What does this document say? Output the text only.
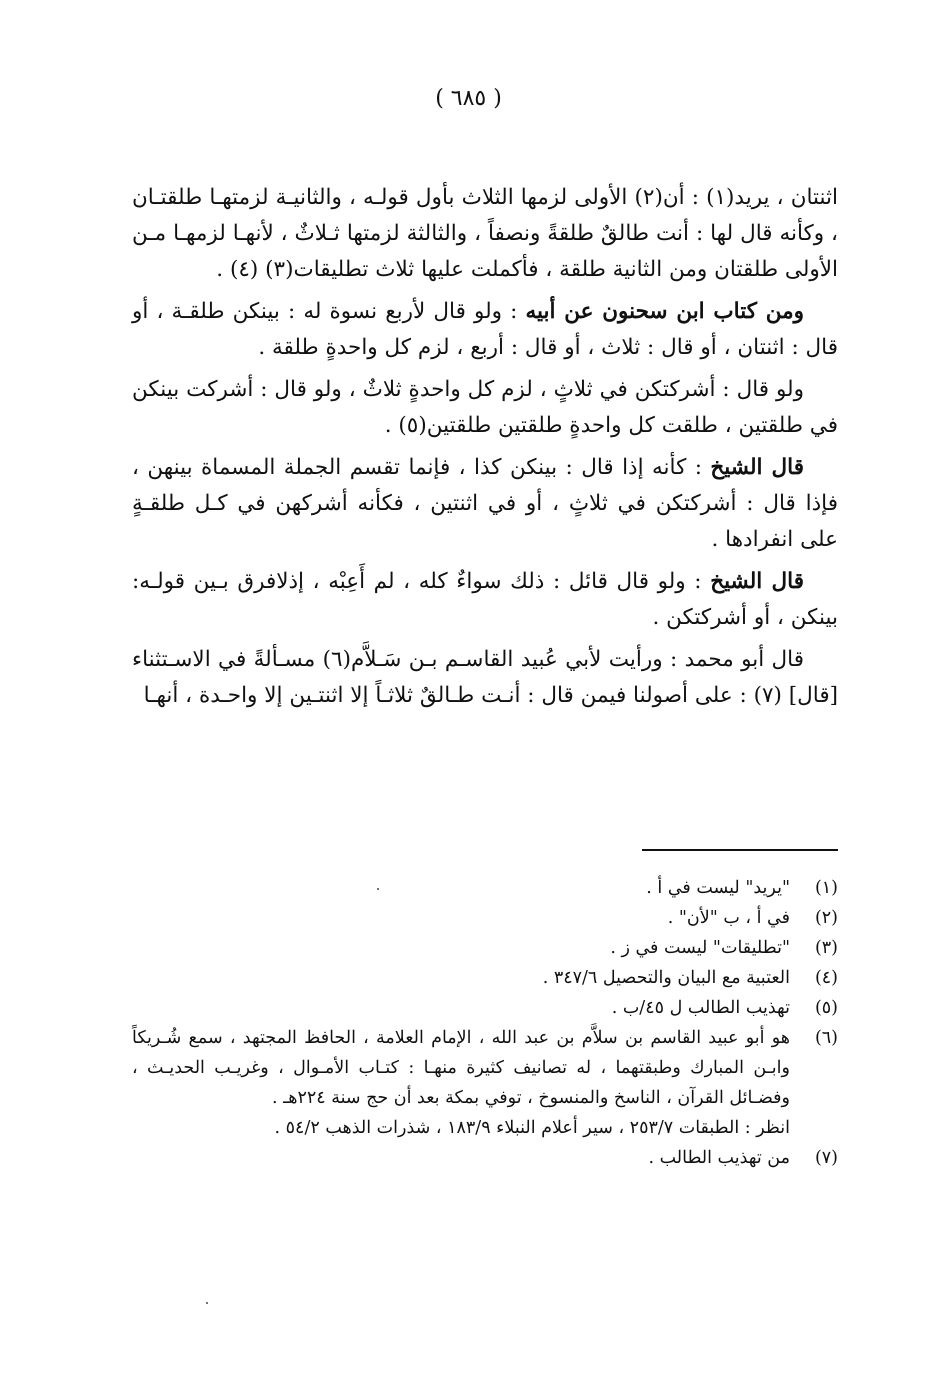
( ٦٨٥ )

اثنتان ، يريد(١) : أن(٢) الأولى لزمها الثلاث بأول قولـه ، والثانيـة لزمتهـا طلقتـان ، وكأنه قال لها : أنت طالقٌ طلقةً ونصفاً ، والثالثة لزمتها ثـلاثٌ ، لأنهـا لزمهـا مـن الأولى طلقتان ومن الثانية طلقة ، فأكملت عليها ثلاث تطليقات(٣) (٤) .

ومن كتاب ابن سحنون عن أبيه : ولو قال لأربع نسوة له : بينكن طلقـة ، أو قال : اثنتان ، أو قال : ثلاث ، أو قال : أربع ، لزم كل واحدةٍ طلقة .

ولو قال : أشركتكن في ثلاثٍ ، لزم كل واحدةٍ ثلاثٌ ، ولو قال : أشركت بينكن في طلقتين ، طلقت كل واحدةٍ طلقتين طلقتين(٥) .

قال الشيخ : كأنه إذا قال : بينكن كذا ، فإنما تقسم الجملة المسماة بينهن ، فإذا قال : أشركتكن في ثلاثٍ ، أو في اثنتين ، فكأنه أشركهن في كـل طلقـةٍ على انفرادها .

قال الشيخ : ولو قال قائل : ذلك سواءٌ كله ، لم أَعِبْه ، إذلافرق بـين قولـه: بينكن ، أو أشركتكن .

قال أبو محمد : ورأيت لأبي عُبيد القاسـم بـن سَـلاَّم(٦) مسـألةً في الاسـتثناء [قال] (٧) : على أصولنا فيمن قال : أنـت طـالقٌ ثلاثـاً إلا اثنتـين إلا واحـدة ، أنهـا

(١)

"يريد" ليست في أ .

(٢)

في أ ، ب "لأن" .

(٣)

"تطليقات" ليست في ز .

(٤)

العتبية مع البيان والتحصيل ٣٤٧/٦ .

(٥)

تهذيب الطالب ل ٤٥/ب .

(٦)

هو أبو عبيد القاسم بن سلاَّم بن عبد الله ، الإمام العلامة ، الحافظ المجتهد ، سمع شُـريكاً وابـن المبارك وطبقتهما ، له تصانيف كثيرة منهـا : كتـاب الأمـوال ، وغريـب الحديـث ، وفضـائل القرآن ، الناسخ والمنسوخ ، توفي بمكة بعد أن حج سنة ٢٢٤هـ .

انظر : الطبقات ٢٥٣/٧ ، سير أعلام النبلاء ١٨٣/٩ ، شذرات الذهب ٥٤/٢ .

(٧)

من تهذيب الطالب .
